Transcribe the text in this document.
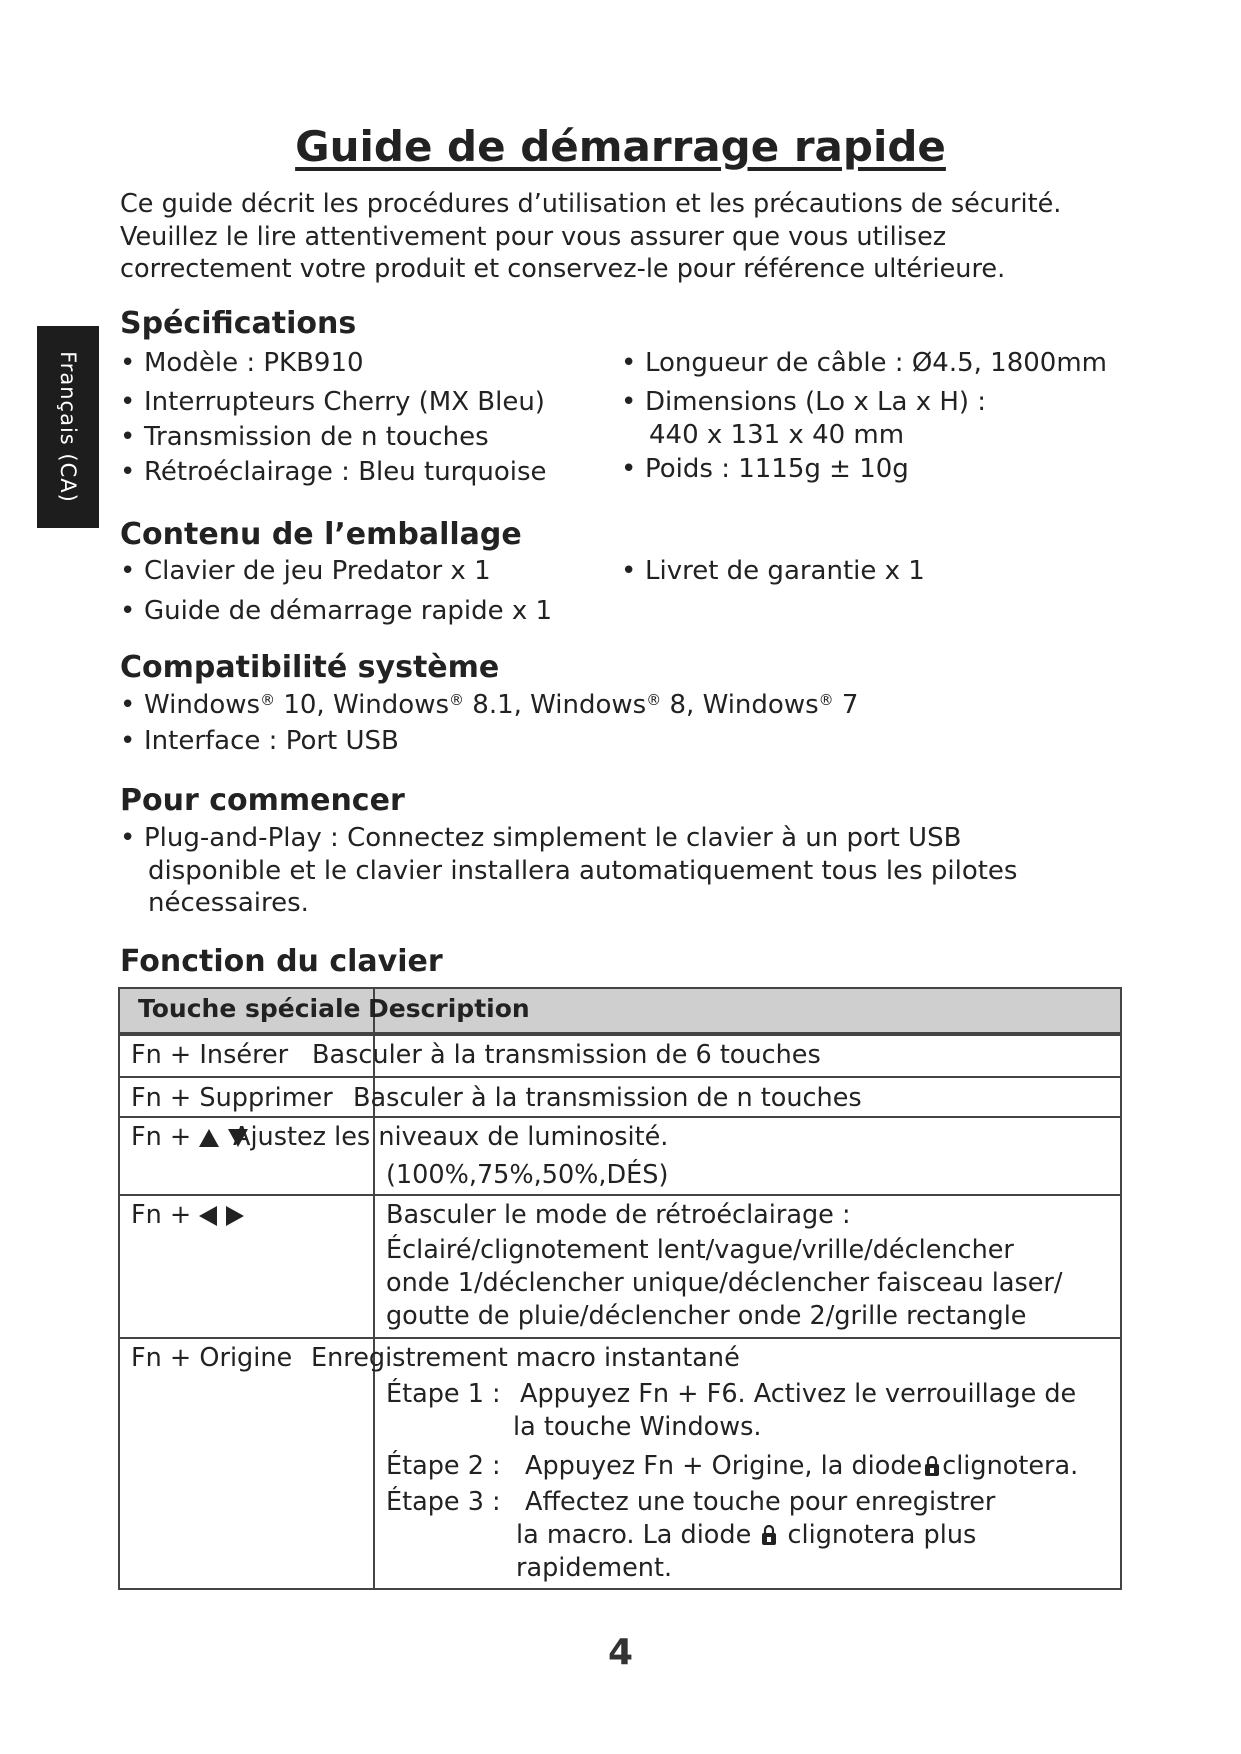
Français (CA)
Guide de démarrage rapide
Ce guide décrit les procédures d’utilisation et les précautions de sécurité.
Veuillez le lire attentivement pour vous assurer que vous utilisez
correctement votre produit et conservez-le pour référence ultérieure.
Spécifications
• Modèle : PKB910
• Interrupteurs Cherry (MX Bleu)
• Transmission de n touches
• Rétroéclairage : Bleu turquoise
• Longueur de câble : Ø4.5, 1800mm
• Dimensions (Lo x La x H) :
440 x 131 x 40 mm
• Poids : 1115g ± 10g
Contenu de l’emballage
• Clavier de jeu Predator x 1
• Guide de démarrage rapide x 1
• Livret de garantie x 1
Compatibilité système
• Windows® 10, Windows® 8.1, Windows® 8, Windows® 7
• Interface : Port USB
Pour commencer
• Plug-and-Play : Connectez simplement le clavier à un port USB
disponible et le clavier installera automatiquement tous les pilotes
nécessaires.
Fonction du clavier
Touche spéciale Description
Fn + Insérer Basculer à la transmission de 6 touches
Fn + Supprimer Basculer à la transmission de n touches
Fn +	Ajustez les niveaux de luminosité.
(100%,75%,50%,DÉS)
Fn +	Basculer le mode de rétroéclairage :
Éclairé/clignotement lent/vague/vrille/déclencher
onde 1/déclencher unique/déclencher faisceau laser/
goutte de pluie/déclencher onde 2/grille rectangle
Fn + Origine Enregistrement macro instantané
Étape 1 : Appuyez Fn + F6. Activez le verrouillage de
la touche Windows.
Étape 2 : Appuyez Fn + Origine, la diode clignotera.
Étape 3 : Affectez une touche pour enregistrer
la macro. La diode clignotera plus
rapidement.
4
